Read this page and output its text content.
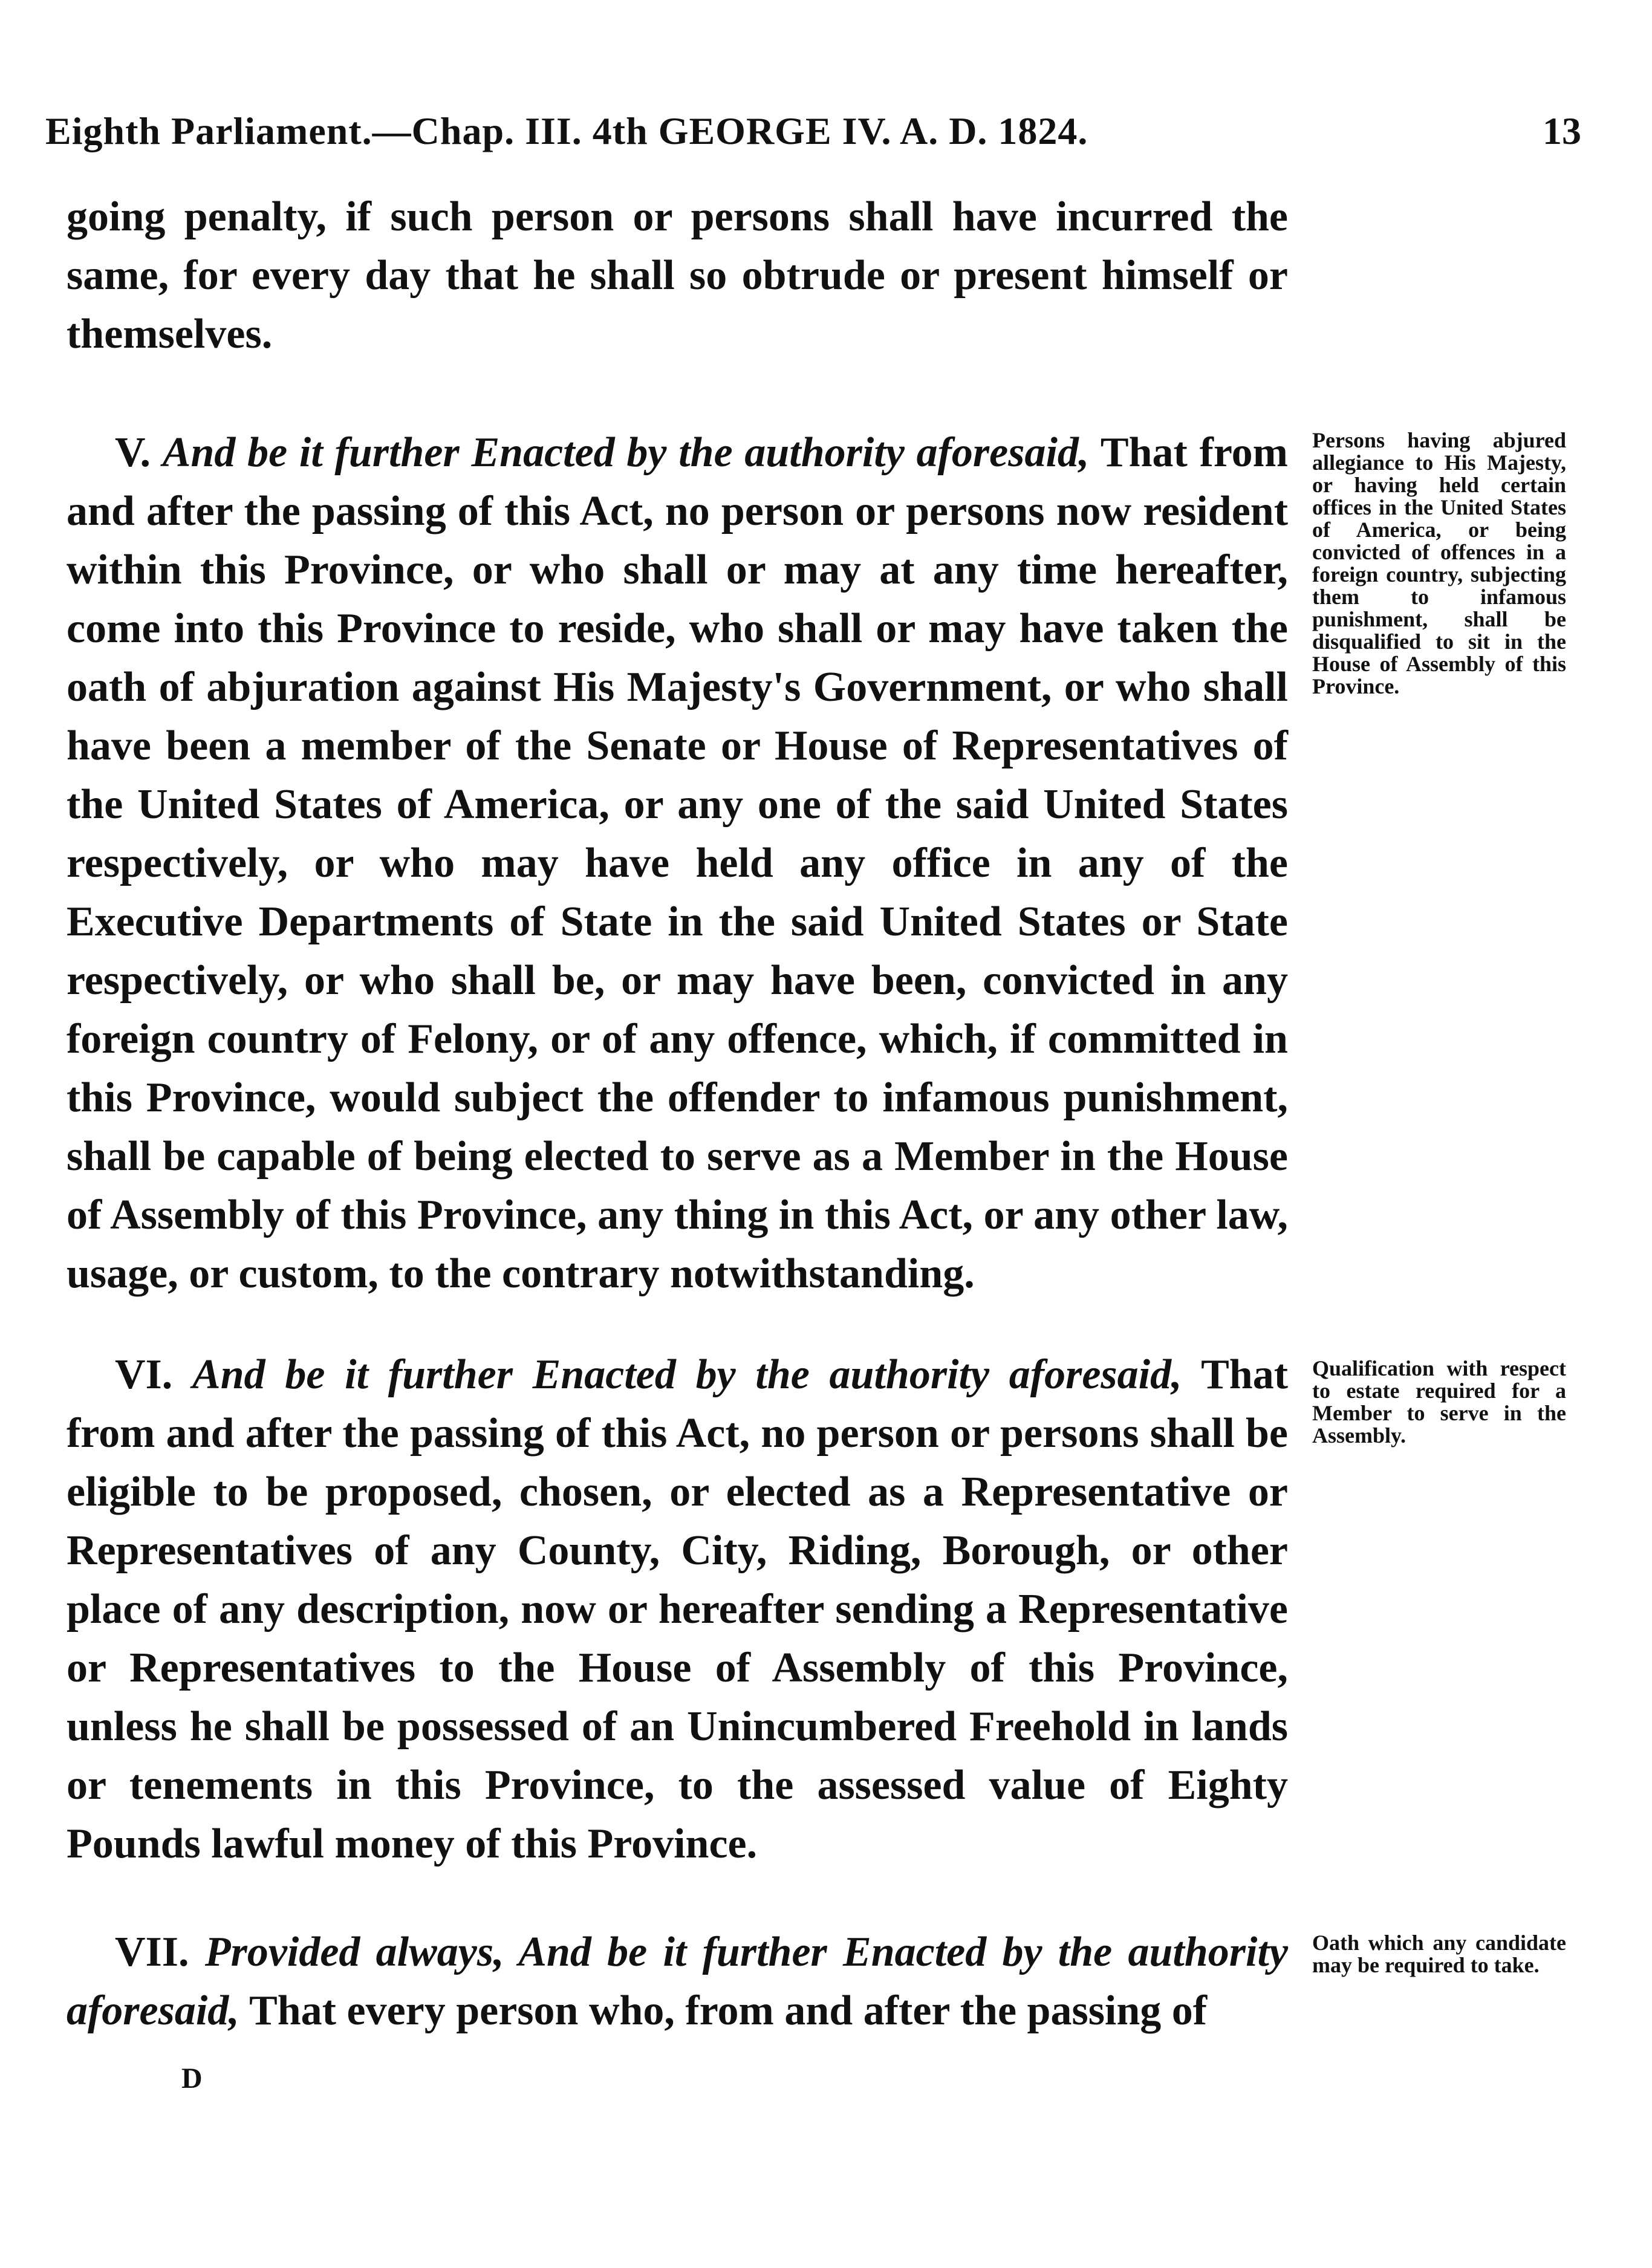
Eighth Parliament.—Chap. III. 4th GEORGE IV. A. D. 1824.	13

going penalty, if such person or persons shall have incurred the same, for every day that he shall so obtrude or present himself or themselves.

V. And be it further Enacted by the authority aforesaid, That from and after the passing of this Act, no person or persons now resident within this Province, or who shall or may at any time hereafter, come into this Province to reside, who shall or may have taken the oath of abjuration against His Majesty's Government, or who shall have been a member of the Senate or House of Representatives of the United States of America, or any one of the said United States respectively, or who may have held any office in any of the Executive Departments of State in the said United States or State respectively, or who shall be, or may have been, convicted in any foreign country of Felony, or of any offence, which, if committed in this Province, would subject the offender to infamous punishment, shall be capable of being elected to serve as a Member in the House of Assembly of this Province, any thing in this Act, or any other law, usage, or custom, to the contrary notwithstanding.

Persons having abjured allegiance to His Majesty, or having held certain offices in the United States of America, or being convicted of offences in a foreign country, subjecting them to infamous punishment, shall be disqualified to sit in the House of Assembly of this Province.

VI. And be it further Enacted by the authority aforesaid, That from and after the passing of this Act, no person or persons shall be eligible to be proposed, chosen, or elected as a Representative or Representatives of any County, City, Riding, Borough, or other place of any description, now or hereafter sending a Representative or Representatives to the House of Assembly of this Province, unless he shall be possessed of an Unincumbered Freehold in lands or tenements in this Province, to the assessed value of Eighty Pounds lawful money of this Province.

Qualification with respect to estate required for a Member to serve in the Assembly.

VII. Provided always, And be it further Enacted by the authority aforesaid, That every person who, from and after the passing of

Oath which any candidate may be required to take.
D
